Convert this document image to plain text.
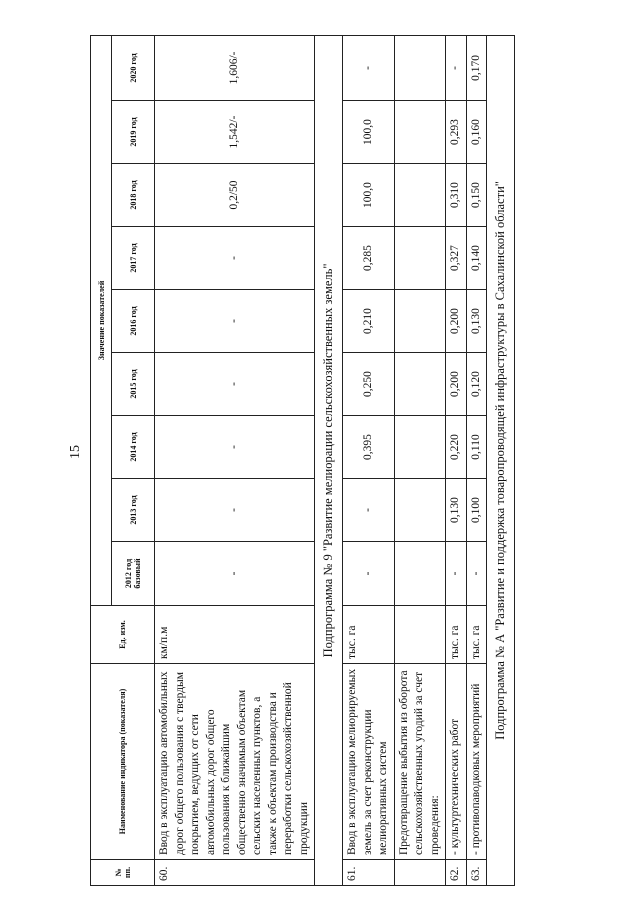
15
№ пп.	Наименование индикатора (показателя)	Ед. изм.	Значение показателей								
			2012 год базовый	2013 год	2014 год	2015 год	2016 год	2017 год	2018 год	2019 год	2020 год
60.	Ввод в эксплуатацию автомобильных дорог общего пользования с твердым покрытием, ведущих от сети автомобильных дорог общего пользования к ближайшим общественно значимым объектам сельских населенных пунктов, а также к объектам производства и переработки сельскохозяйственной продукции	км/п.м	-	-	-	-	-	-	0,2/50	1,542/-	1,606/-
Подпрограмма № 9 "Развитие мелиорации сельскохозяйственных земель"											
61.	Ввод в эксплуатацию мелиорируемых земель за счет реконструкции мелиоративных систем	тыс. га	-	-	0,395	0,250	0,210	0,285	100,0	100,0	-
	Предотвращение выбытия из оборота сельскохозяйственных угодий за счет проведения:										
62.	- культуртехнических работ	тыс. га	-	0,130	0,220	0,200	0,200	0,327	0,310	0,293	-
63.	- противопаводковых мероприятий	тыс. га	-	0,100	0,110	0,120	0,130	0,140	0,150	0,160	0,170
Подпрограмма № А "Развитие и поддержка товаропроводящей инфраструктуры в Сахалинской области"											
